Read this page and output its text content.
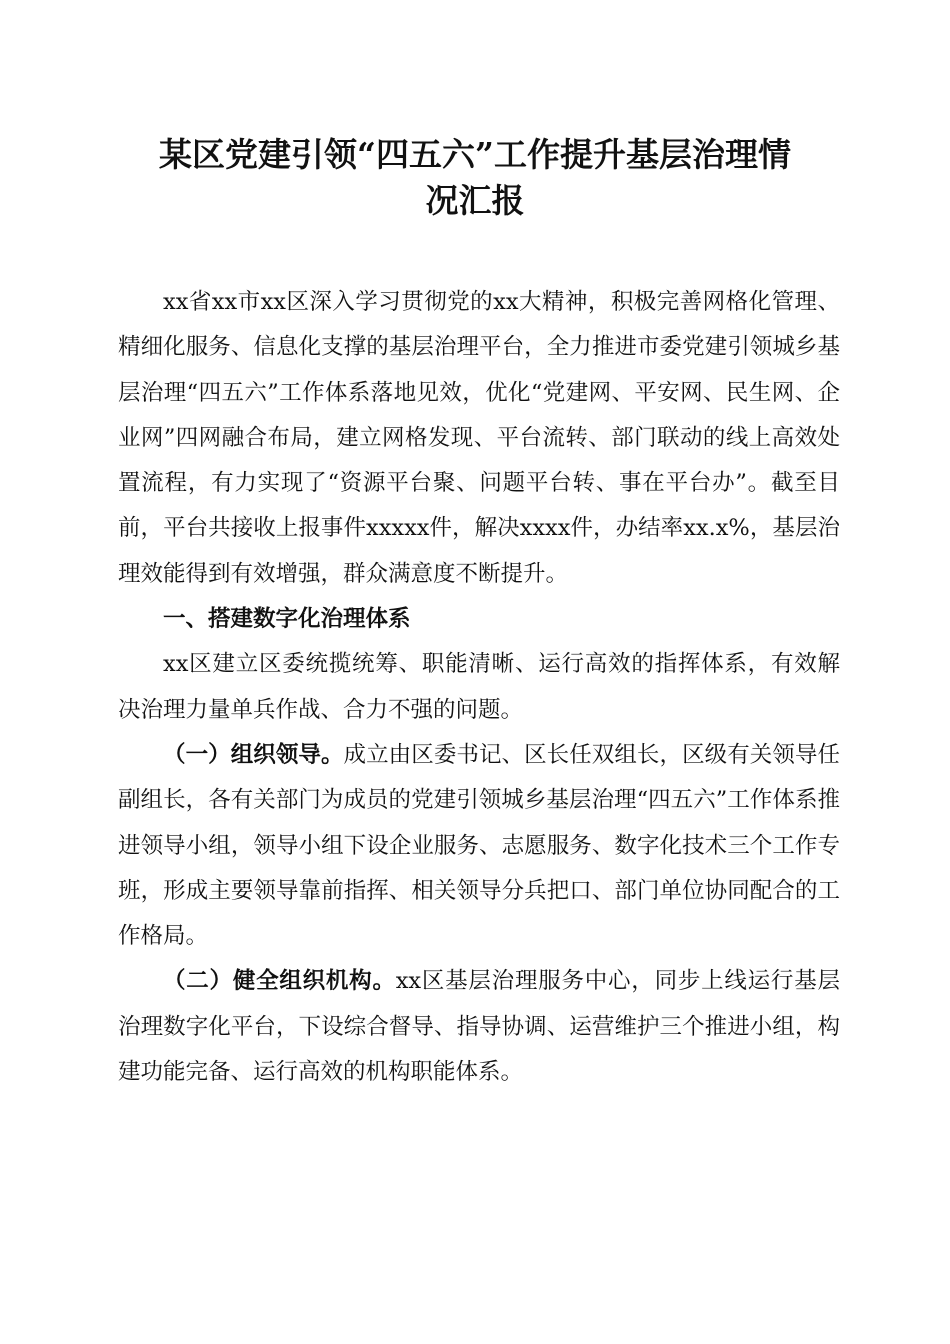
某区党建引领“四五六”工作提升基层治理情
况汇报

xx省xx市xx区深入学习贯彻党的xx大精神，积极完善网格化管理、精细化服务、信息化支撑的基层治理平台，全力推进市委党建引领城乡基层治理“四五六”工作体系落地见效，优化“党建网、平安网、民生网、企业网”四网融合布局，建立网格发现、平台流转、部门联动的线上高效处置流程，有力实现了“资源平台聚、问题平台转、事在平台办”。截至目前，平台共接收上报事件xxxxx件，解决xxxx件，办结率xx.x%，基层治理效能得到有效增强，群众满意度不断提升。

一、搭建数字化治理体系

xx区建立区委统揽统筹、职能清晰、运行高效的指挥体系，有效解决治理力量单兵作战、合力不强的问题。

（一）组织领导。成立由区委书记、区长任双组长，区级有关领导任副组长，各有关部门为成员的党建引领城乡基层治理“四五六”工作体系推进领导小组，领导小组下设企业服务、志愿服务、数字化技术三个工作专班，形成主要领导靠前指挥、相关领导分兵把口、部门单位协同配合的工作格局。

（二）健全组织机构。xx区基层治理服务中心，同步上线运行基层治理数字化平台，下设综合督导、指导协调、运营维护三个推进小组，构建功能完备、运行高效的机构职能体系。
